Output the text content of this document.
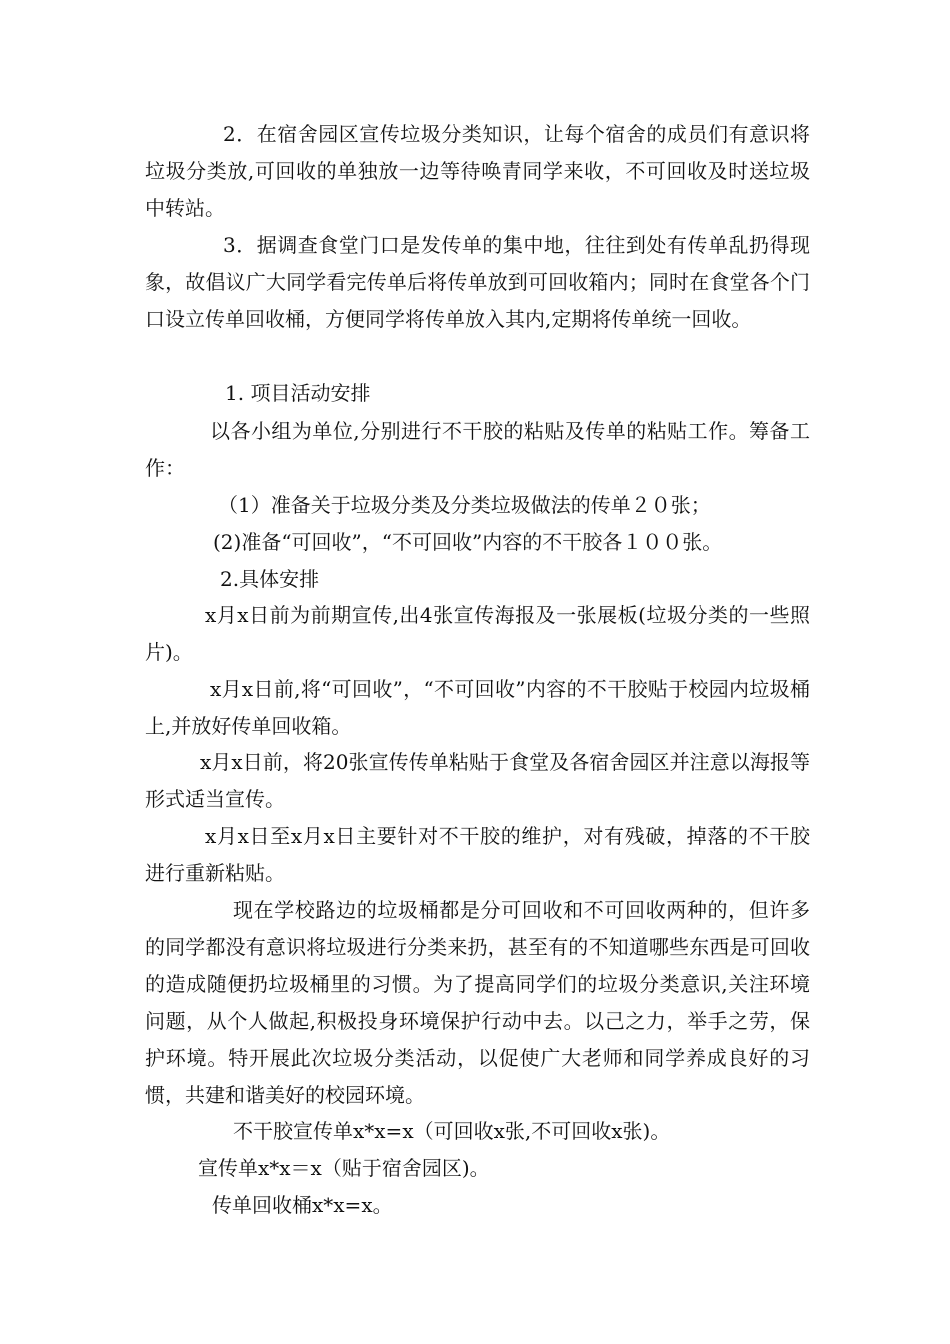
2．在宿舍园区宣传垃圾分类知识，让每个宿舍的成员们有意识将垃圾分类放,可回收的单独放一边等待唤青同学来收，不可回收及时送垃圾中转站。

3．据调查食堂门口是发传单的集中地，往往到处有传单乱扔得现象，故倡议广大同学看完传单后将传单放到可回收箱内；同时在食堂各个门口设立传单回收桶，方便同学将传单放入其内,定期将传单统一回收。

1. 项目活动安排

以各小组为单位,分别进行不干胶的粘贴及传单的粘贴工作。筹备工作：

（1）准备关于垃圾分类及分类垃圾做法的传单２０张；

(2)准备“可回收”，“不可回收”内容的不干胶各１００张。

2.具体安排

x月x日前为前期宣传,出4张宣传海报及一张展板(垃圾分类的一些照片)。

x月x日前,将“可回收”，“不可回收”内容的不干胶贴于校园内垃圾桶上,并放好传单回收箱。

x月x日前，将20张宣传传单粘贴于食堂及各宿舍园区并注意以海报等形式适当宣传。

x月x日至x月x日主要针对不干胶的维护，对有残破，掉落的不干胶进行重新粘贴。

现在学校路边的垃圾桶都是分可回收和不可回收两种的，但许多的同学都没有意识将垃圾进行分类来扔，甚至有的不知道哪些东西是可回收的造成随便扔垃圾桶里的习惯。为了提高同学们的垃圾分类意识,关注环境问题，从个人做起,积极投身环境保护行动中去。以己之力，举手之劳，保护环境。特开展此次垃圾分类活动，以促使广大老师和同学养成良好的习惯，共建和谐美好的校园环境。

不干胶宣传单x*x=x（可回收x张,不可回收x张)。

宣传单x*x＝x（贴于宿舍园区)。

传单回收桶x*x=x。
